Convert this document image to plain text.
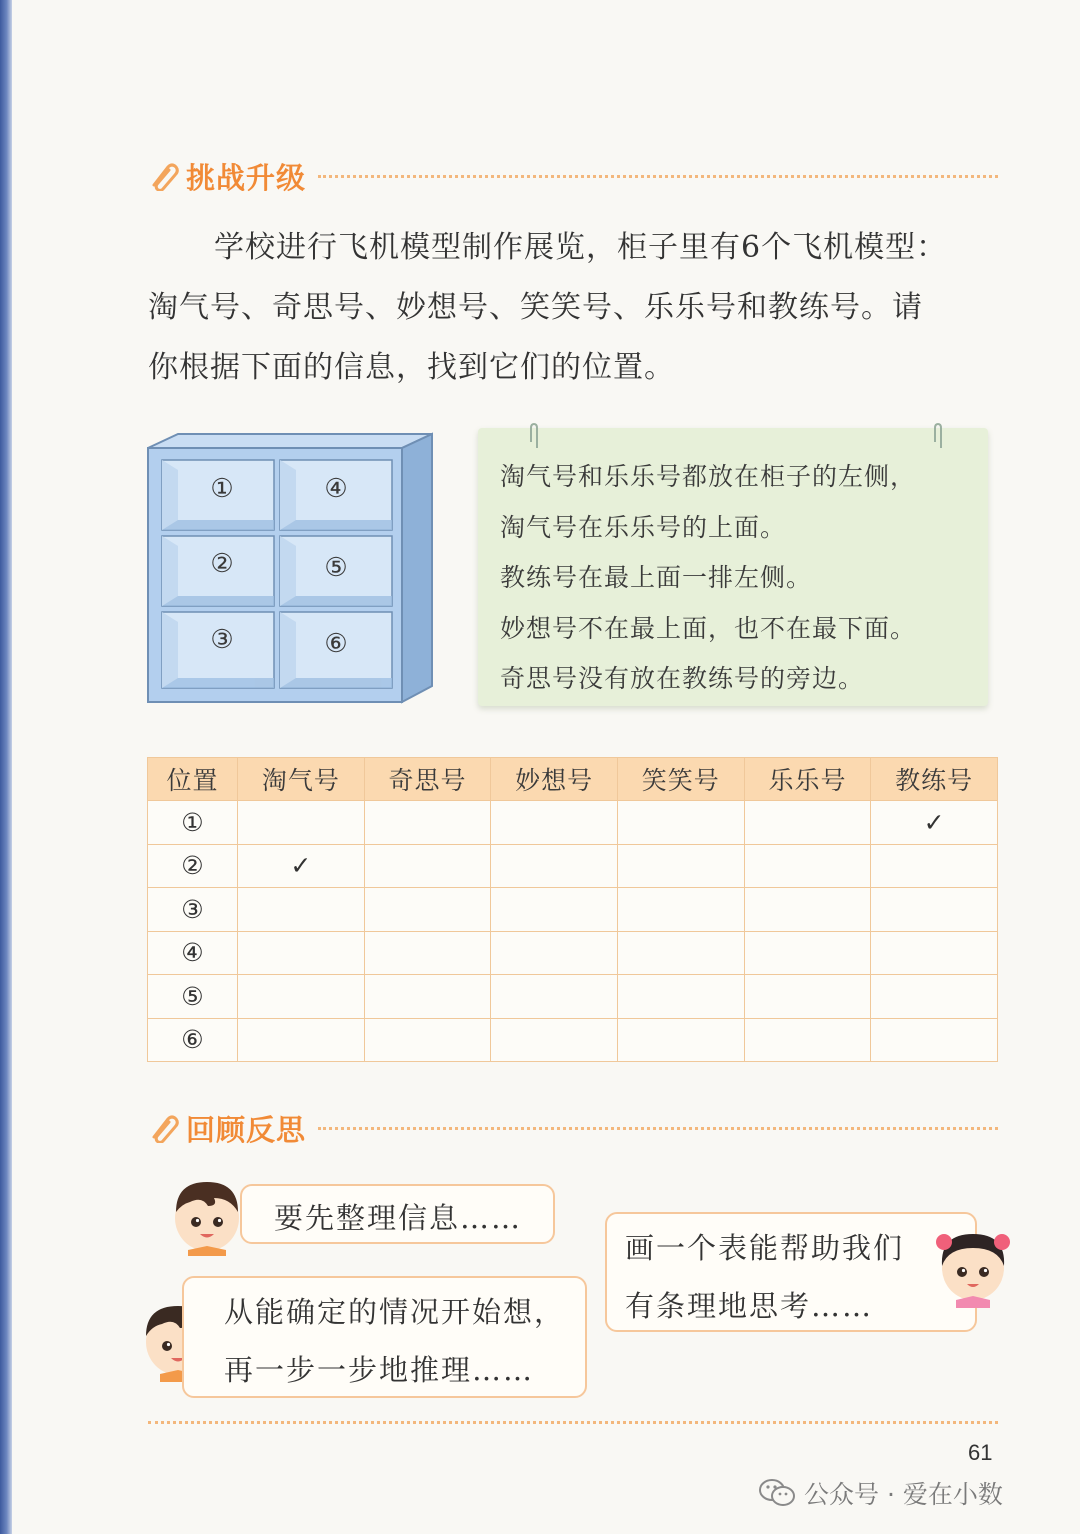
挑战升级
学校进行飞机模型制作展览，柜子里有6个飞机模型：
淘气号、奇思号、妙想号、笑笑号、乐乐号和教练号。请
你根据下面的信息，找到它们的位置。
①
②
③
④
⑤
⑥
淘气号和乐乐号都放在柜子的左侧，
淘气号在乐乐号的上面。
教练号在最上面一排左侧。
妙想号不在最上面，也不在最下面。
奇思号没有放在教练号的旁边。
位置	淘气号	奇思号	妙想号	笑笑号	乐乐号	教练号
①						✓
②	✓					
③						
④						
⑤						
⑥						
回顾反思
要先整理信息……
从能确定的情况开始想，
再一步一步地推理……
画一个表能帮助我们
有条理地思考……
61
公众号 · 爱在小数
